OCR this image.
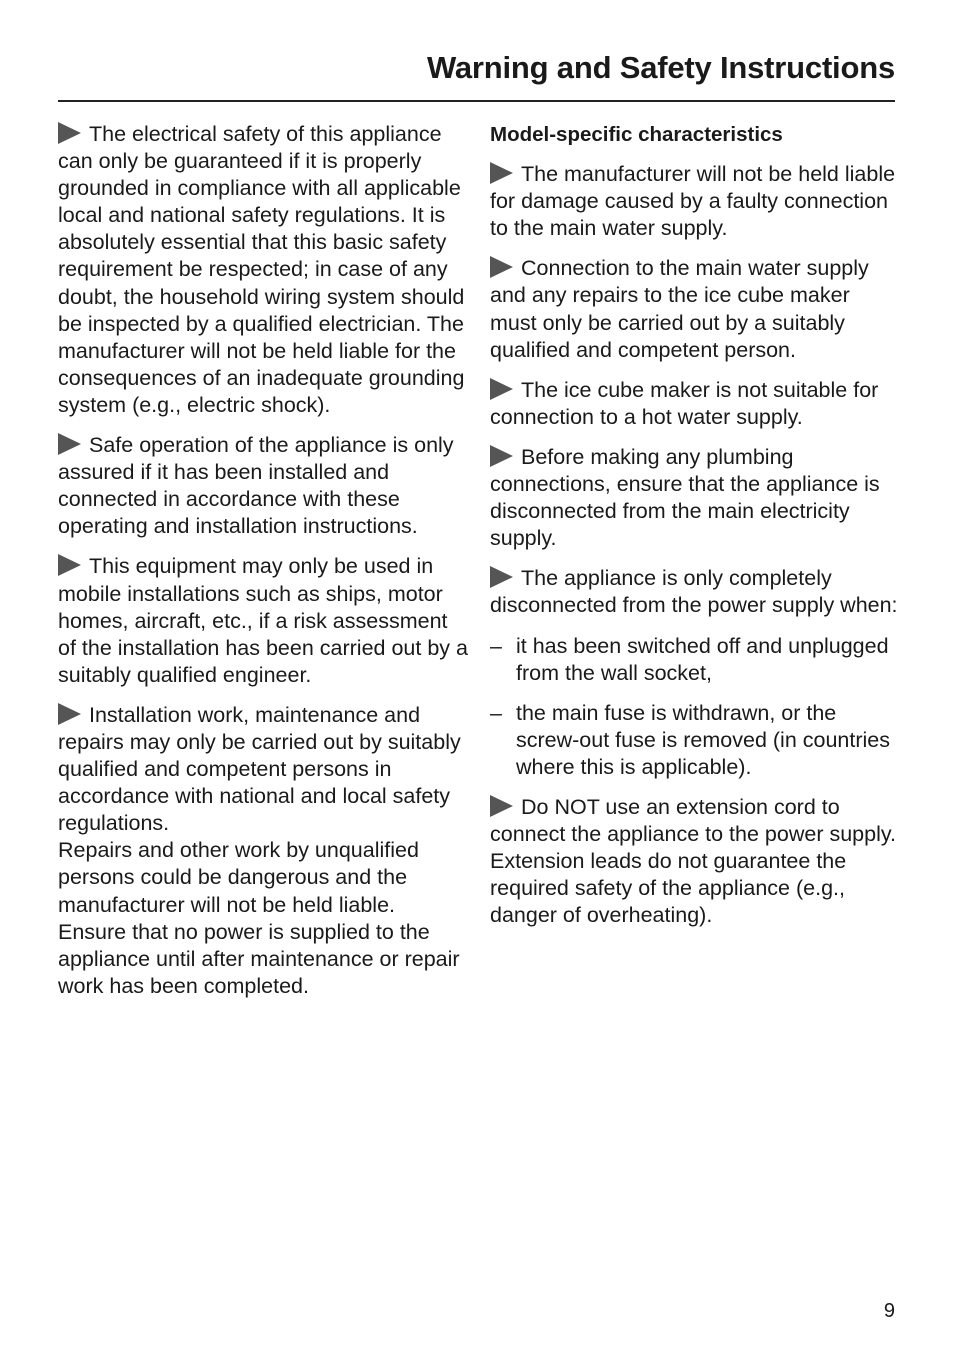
Warning and Safety Instructions

The electrical safety of this appliance can only be guaranteed if it is properly grounded in compliance with all applicable local and national safety regulations. It is absolutely essential that this basic safety requirement be respected; in case of any doubt, the household wiring system should be inspected by a qualified electrician. The manufacturer will not be held liable for the consequences of an inadequate grounding system (e.g., electric shock).

Safe operation of the appliance is only assured if it has been installed and connected in accordance with these operating and installation instructions.

This equipment may only be used in mobile installations such as ships, motor homes, aircraft, etc., if a risk assessment of the installation has been carried out by a suitably qualified engineer.

Installation work, maintenance and repairs may only be carried out by suitably qualified and competent persons in accordance with national and local safety regulations.
Repairs and other work by unqualified persons could be dangerous and the manufacturer will not be held liable.
Ensure that no power is supplied to the appliance until after maintenance or repair work has been completed.

Model-specific characteristics

The manufacturer will not be held liable for damage caused by a faulty connection to the main water supply.

Connection to the main water supply and any repairs to the ice cube maker must only be carried out by a suitably qualified and competent person.

The ice cube maker is not suitable for connection to a hot water supply.

Before making any plumbing connections, ensure that the appliance is disconnected from the main electricity supply.

The appliance is only completely disconnected from the power supply when:

– it has been switched off and unplugged from the wall socket,

– the main fuse is withdrawn, or the screw-out fuse is removed (in countries where this is applicable).

Do NOT use an extension cord to connect the appliance to the power supply.
Extension leads do not guarantee the required safety of the appliance (e.g., danger of overheating).

9
